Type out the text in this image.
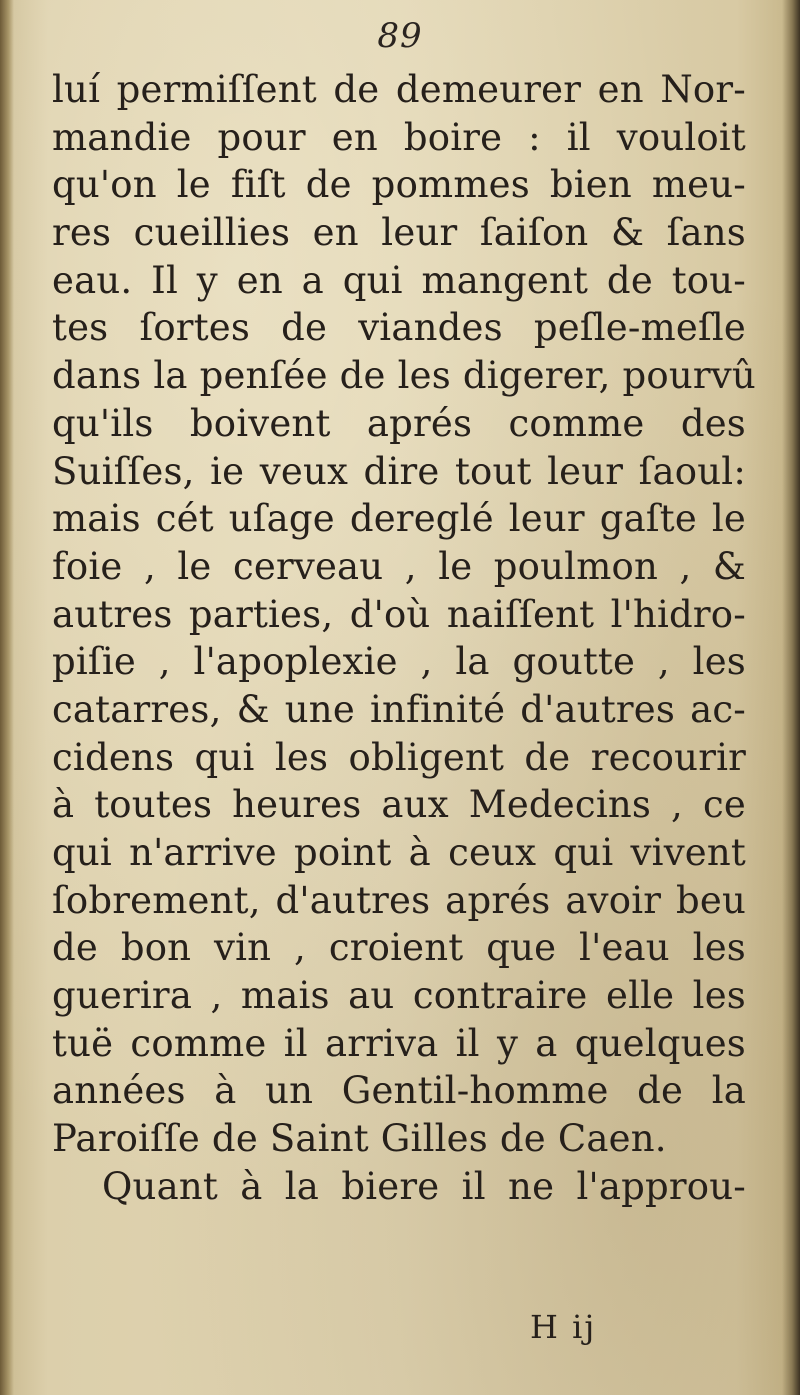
89
luí permiſſent de demeurer en Nor-
mandie pour en boire : il vouloit
qu'on le fiſt de pommes bien meu-
res cueillies en leur ſaiſon & ſans
eau. Il y en a qui mangent de tou-
tes ſortes de viandes peſle-meſle
dans la penſée de les digerer, pourvû
qu'ils boivent aprés comme des
Suiſſes, ie veux dire tout leur ſaoul:
mais cét uſage dereglé leur gaſte le
foie , le cerveau , le poulmon , &
autres parties, d'où naiſſent l'hidro-
piſie , l'apoplexie , la goutte , les
catarres, & une infinité d'autres ac-
cidens qui les obligent de recourir
à toutes heures aux Medecins , ce
qui n'arrive point à ceux qui vivent
ſobrement, d'autres aprés avoir beu
de bon vin , croient que l'eau les
guerira , mais au contraire elle les
tuë comme il arriva il y a quelques
années à un Gentil-homme de la
Paroiſſe de Saint Gilles de Caen.
Quant à la biere il ne l'approu-
H ij
